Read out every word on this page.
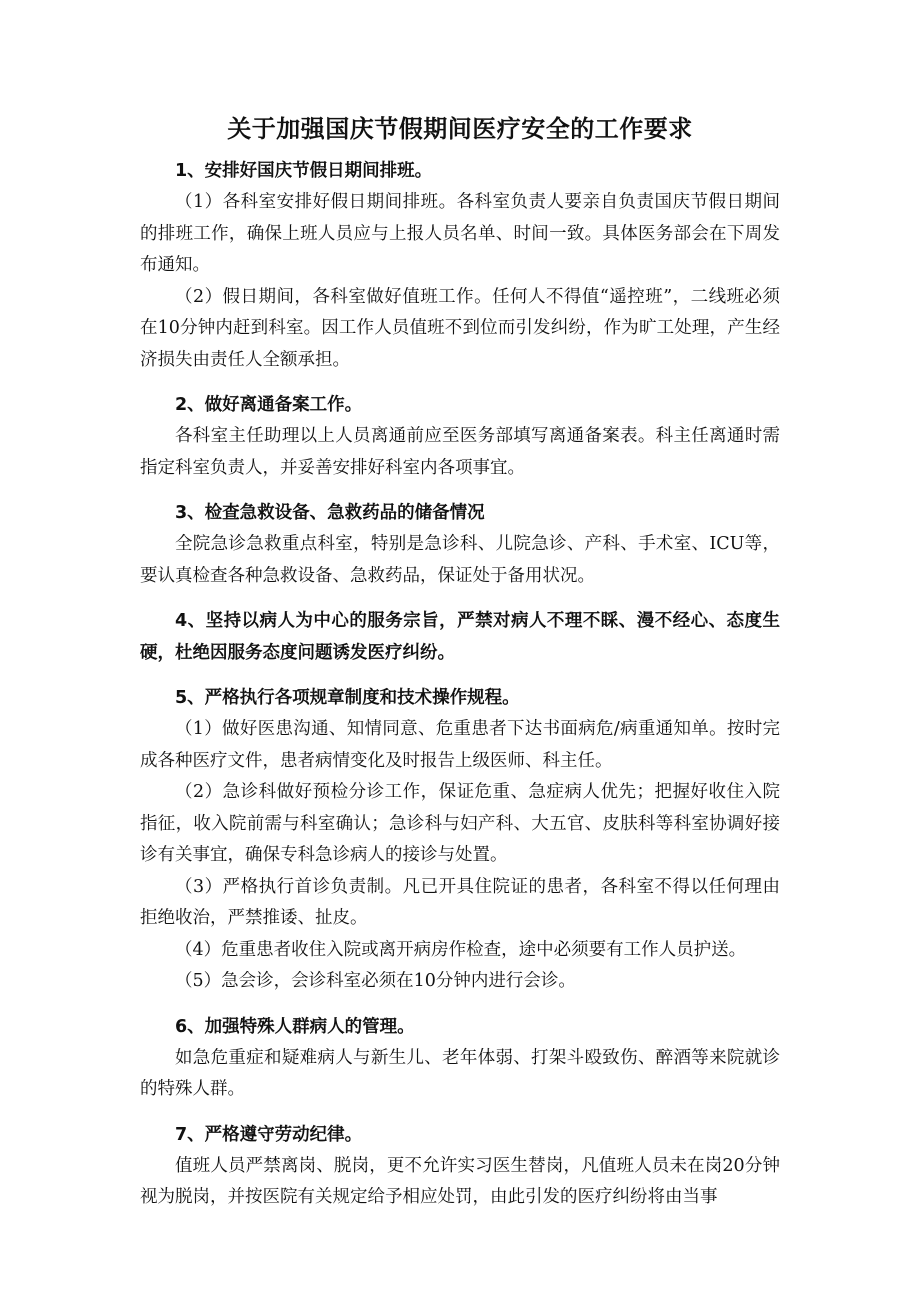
关于加强国庆节假期间医疗安全的工作要求

1、安排好国庆节假日期间排班。

（1）各科室安排好假日期间排班。各科室负责人要亲自负责国庆节假日期间的排班工作，确保上班人员应与上报人员名单、时间一致。具体医务部会在下周发布通知。

（2）假日期间，各科室做好值班工作。任何人不得值“遥控班”，二线班必须在10分钟内赶到科室。因工作人员值班不到位而引发纠纷，作为旷工处理，产生经济损失由责任人全额承担。

2、做好离通备案工作。

各科室主任助理以上人员离通前应至医务部填写离通备案表。科主任离通时需指定科室负责人，并妥善安排好科室内各项事宜。

3、检查急救设备、急救药品的储备情况

全院急诊急救重点科室，特别是急诊科、儿院急诊、产科、手术室、ICU等，要认真检查各种急救设备、急救药品，保证处于备用状况。

4、坚持以病人为中心的服务宗旨，严禁对病人不理不睬、漫不经心、态度生硬，杜绝因服务态度问题诱发医疗纠纷。

5、严格执行各项规章制度和技术操作规程。

（1）做好医患沟通、知情同意、危重患者下达书面病危/病重通知单。按时完成各种医疗文件，患者病情变化及时报告上级医师、科主任。

（2）急诊科做好预检分诊工作，保证危重、急症病人优先；把握好收住入院指征，收入院前需与科室确认；急诊科与妇产科、大五官、皮肤科等科室协调好接诊有关事宜，确保专科急诊病人的接诊与处置。

（3）严格执行首诊负责制。凡已开具住院证的患者，各科室不得以任何理由拒绝收治，严禁推诿、扯皮。

（4）危重患者收住入院或离开病房作检查，途中必须要有工作人员护送。

（5）急会诊，会诊科室必须在10分钟内进行会诊。

6、加强特殊人群病人的管理。

如急危重症和疑难病人与新生儿、老年体弱、打架斗殴致伤、醉酒等来院就诊的特殊人群。

7、严格遵守劳动纪律。

值班人员严禁离岗、脱岗，更不允许实习医生替岗，凡值班人员未在岗20分钟视为脱岗，并按医院有关规定给予相应处罚，由此引发的医疗纠纷将由当事
